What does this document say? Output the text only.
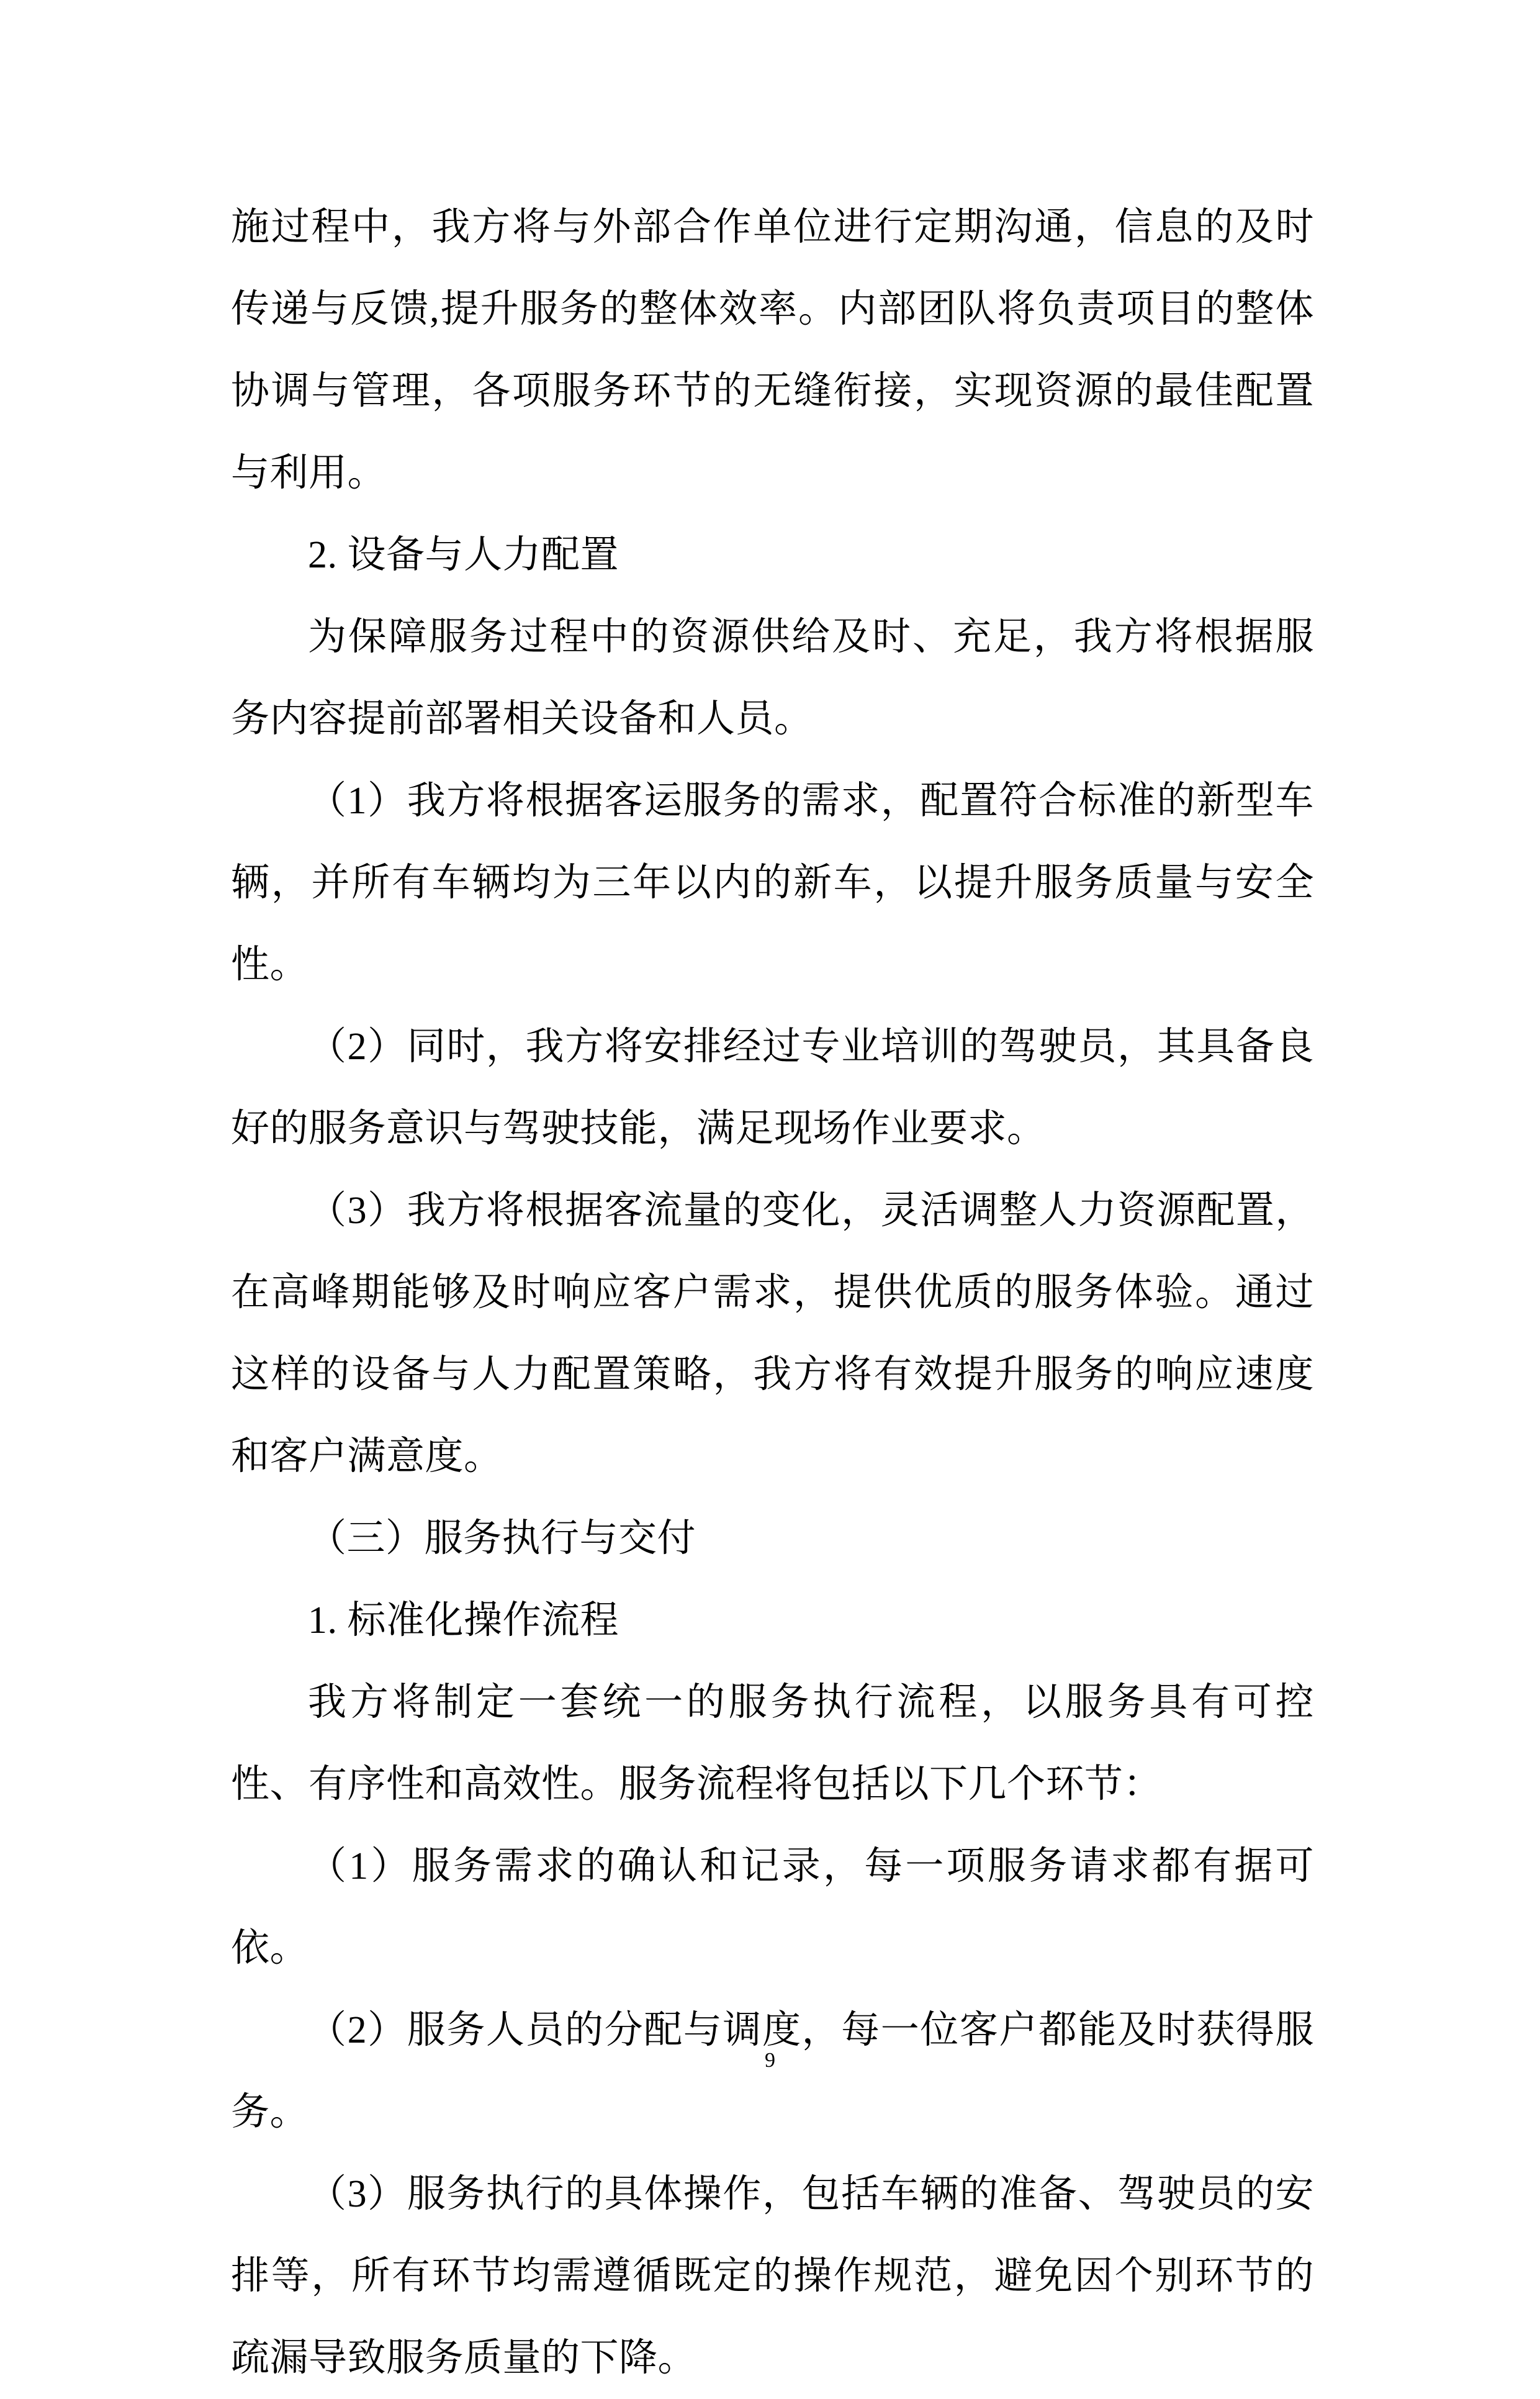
施过程中，我方将与外部合作单位进行定期沟通，信息的及时传递与反馈,提升服务的整体效率。内部团队将负责项目的整体协调与管理，各项服务环节的无缝衔接，实现资源的最佳配置与利用。

2. 设备与人力配置

为保障服务过程中的资源供给及时、充足，我方将根据服务内容提前部署相关设备和人员。

（1）我方将根据客运服务的需求，配置符合标准的新型车辆，并所有车辆均为三年以内的新车，以提升服务质量与安全性。

（2）同时，我方将安排经过专业培训的驾驶员，其具备良好的服务意识与驾驶技能，满足现场作业要求。

（3）我方将根据客流量的变化，灵活调整人力资源配置，在高峰期能够及时响应客户需求，提供优质的服务体验。通过这样的设备与人力配置策略，我方将有效提升服务的响应速度和客户满意度。

（三）服务执行与交付

1. 标准化操作流程

我方将制定一套统一的服务执行流程，以服务具有可控性、有序性和高效性。服务流程将包括以下几个环节：

（1）服务需求的确认和记录，每一项服务请求都有据可依。

（2）服务人员的分配与调度，每一位客户都能及时获得服务。

（3）服务执行的具体操作，包括车辆的准备、驾驶员的安排等，所有环节均需遵循既定的操作规范，避免因个别环节的疏漏导致服务质量的下降。

9
